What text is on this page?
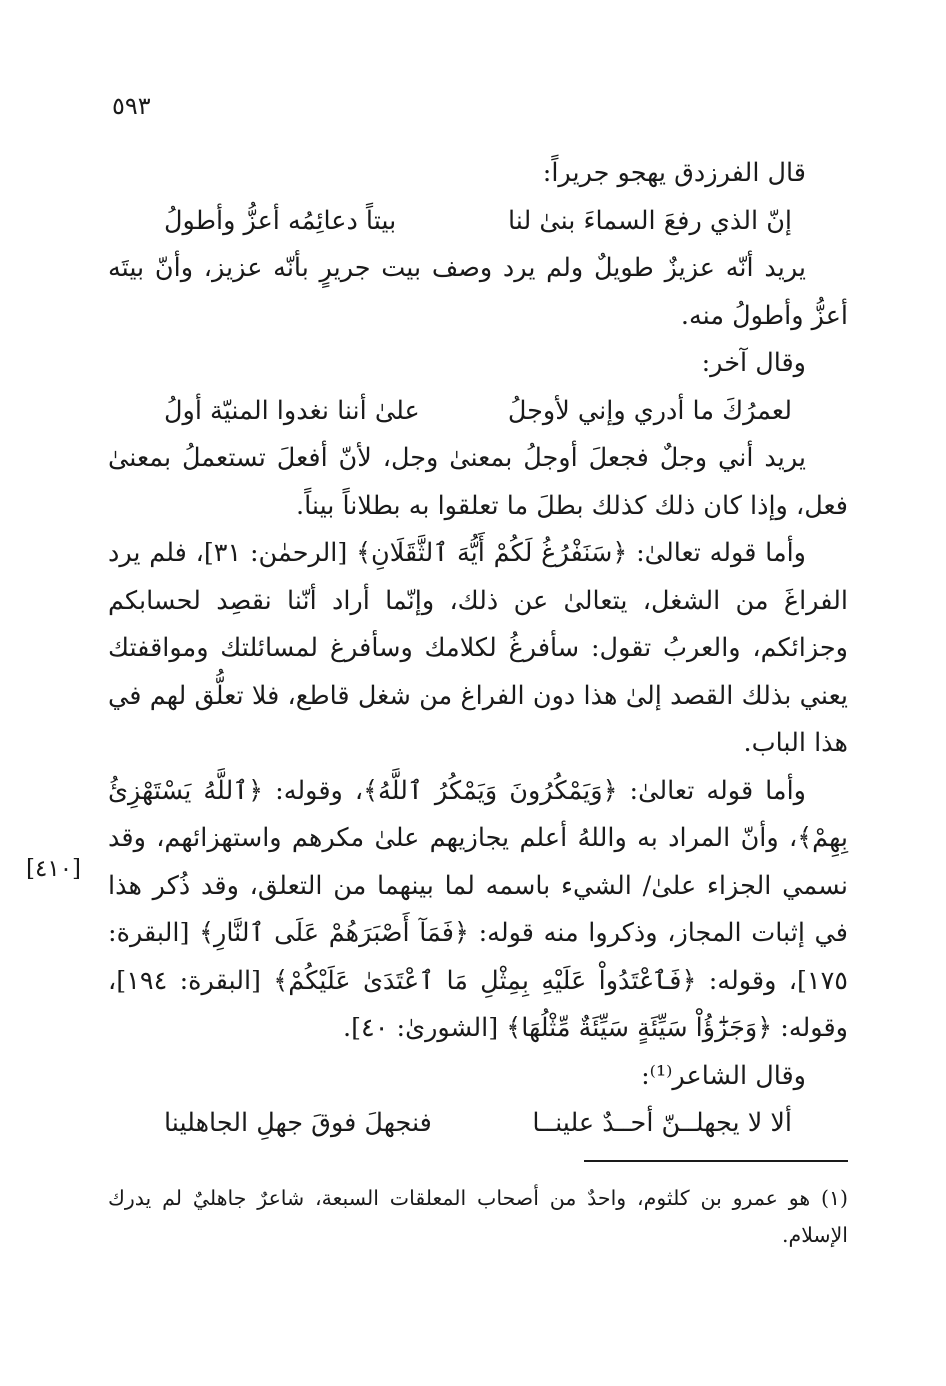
٥٩٣
[٤١٠]

قال الفرزدق يهجو جريراً:

إنّ الذي رفعَ السماءَ بنىٰ لنا
بيتاً دعائِمُه أعزُّ وأطولُ

يريد أنّه عزيزٌ طويلٌ ولم يرد وصف بيت جريرٍ بأنّه عزيز، وأنّ بيتَه أعزُّ وأطولُ منه.

وقال آخر:

لعمرُكَ ما أدري وإني لأوجلُ
علىٰ أننا نغدوا المنيّة أولُ

يريد أني وجلٌ فجعلَ أوجلُ بمعنىٰ وجل، لأنّ أفعلَ تستعملُ بمعنىٰ فعل، وإذا كان ذلك كذلك بطلَ ما تعلقوا به بطلاناً بيناً.

وأما قوله تعالىٰ: ﴿سَنَفْرُغُ لَكُمْ أَيُّهَ ٱلثَّقَلَانِ﴾ [الرحمٰن: ٣١]، فلم يرد الفراغَ من الشغل، يتعالىٰ عن ذلك، وإنّما أراد أنّنا نقصِد لحسابكم وجزائكم، والعربُ تقول: سأفرغُ لكلامك وسأفرغ لمسائلتك ومواقفتك يعني بذلك القصد إلىٰ هذا دون الفراغ من شغل قاطع، فلا تعلُّق لهم في هذا الباب.

وأما قوله تعالىٰ: ﴿وَيَمْكُرُونَ وَيَمْكُرُ ٱللَّهُ﴾، وقوله: ﴿ٱللَّهُ يَسْتَهْزِئُ بِهِمْ﴾، وأنّ المراد به واللهُ أعلم يجازيهم علىٰ مكرهم واستهزائهم، وقد نسمي الجزاء علىٰ/ الشيء باسمه لما بينهما من التعلق، وقد ذُكر هذا في إثبات المجاز، وذكروا منه قوله: ﴿فَمَآ أَصْبَرَهُمْ عَلَى ٱلنَّارِ﴾ [البقرة: ١٧٥]، وقوله: ﴿فَٱعْتَدُواْ عَلَيْهِ بِمِثْلِ مَا ٱعْتَدَىٰ عَلَيْكُمْ﴾ [البقرة: ١٩٤]، وقوله: ﴿وَجَزَٰٓؤُاْ سَيِّئَةٍ سَيِّئَةٌ مِّثْلُهَا﴾ [الشورىٰ: ٤٠].

وقال الشاعر⁽¹⁾:

ألا لا يجهلــنّ أحــدٌ علينــا
فنجهلَ فوقَ جهلِ الجاهلينا

(١) هو عمرو بن كلثوم، واحدٌ من أصحاب المعلقات السبعة، شاعرٌ جاهليٌ لم يدرك الإسلام.
